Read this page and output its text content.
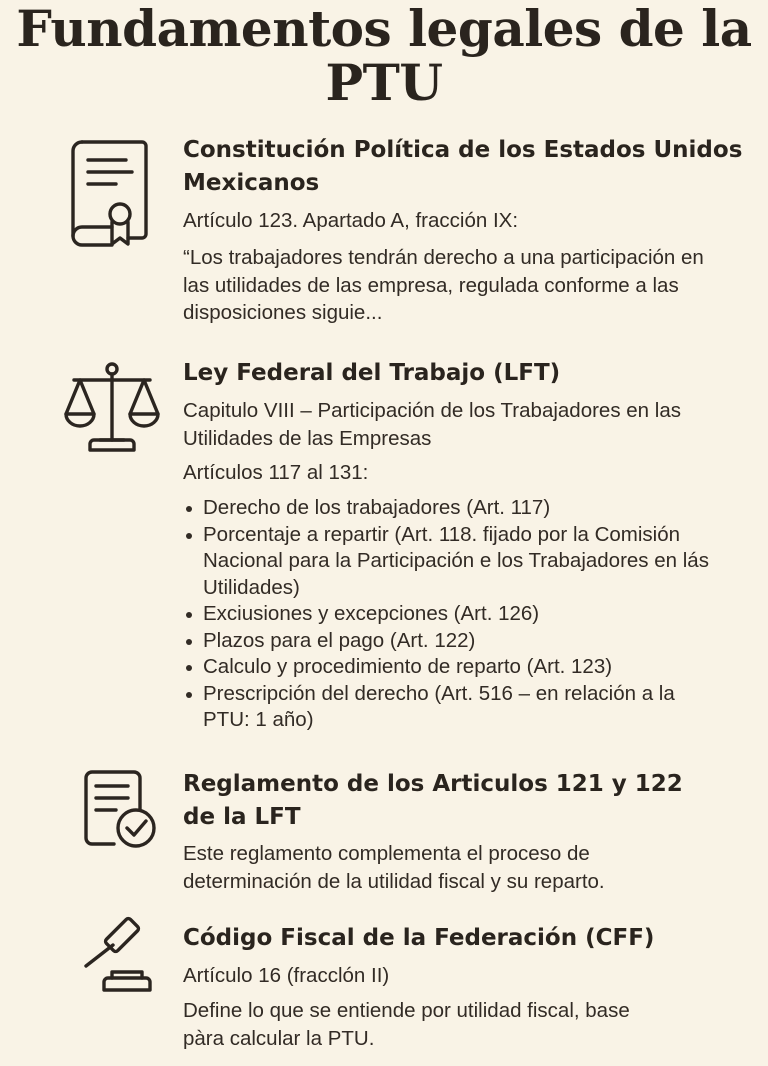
Fundamentos legales de la PTU
Constitución Política de los Estados Unidos Mexicanos

Artículo 123. Apartado A, fracción IX:

“Los trabajadores tendrán derecho a una participación en las utilidades de las empresa, regulada conforme a las disposiciones siguie...

Ley Federal del Trabajo (LFT)

Capitulo VIII – Participación de los Trabajadores en las Utilidades de las Empresas

Artículos 117 al 131:

Derecho de los trabajadores (Art. 117)
Porcentaje a repartir (Art. 118. fijado por la Comisión Nacional para la Participación e los Trabajadores en lás Utilidades)
Exciusiones y excepciones (Art. 126)
Plazos para el pago (Art. 122)
Calculo y procedimiento de reparto (Art. 123)
Prescripción del derecho (Art. 516 – en relación a la PTU: 1 año)
Reglamento de los Articulos 121 y 122 de la LFT

Este reglamento complementa el proceso de determinación de la utilidad fiscal y su reparto.

Código Fiscal de la Federación (CFF)

Artículo 16 (fracclón II)

Define lo que se entiende por utilidad fiscal, base pàra calcular la PTU.
